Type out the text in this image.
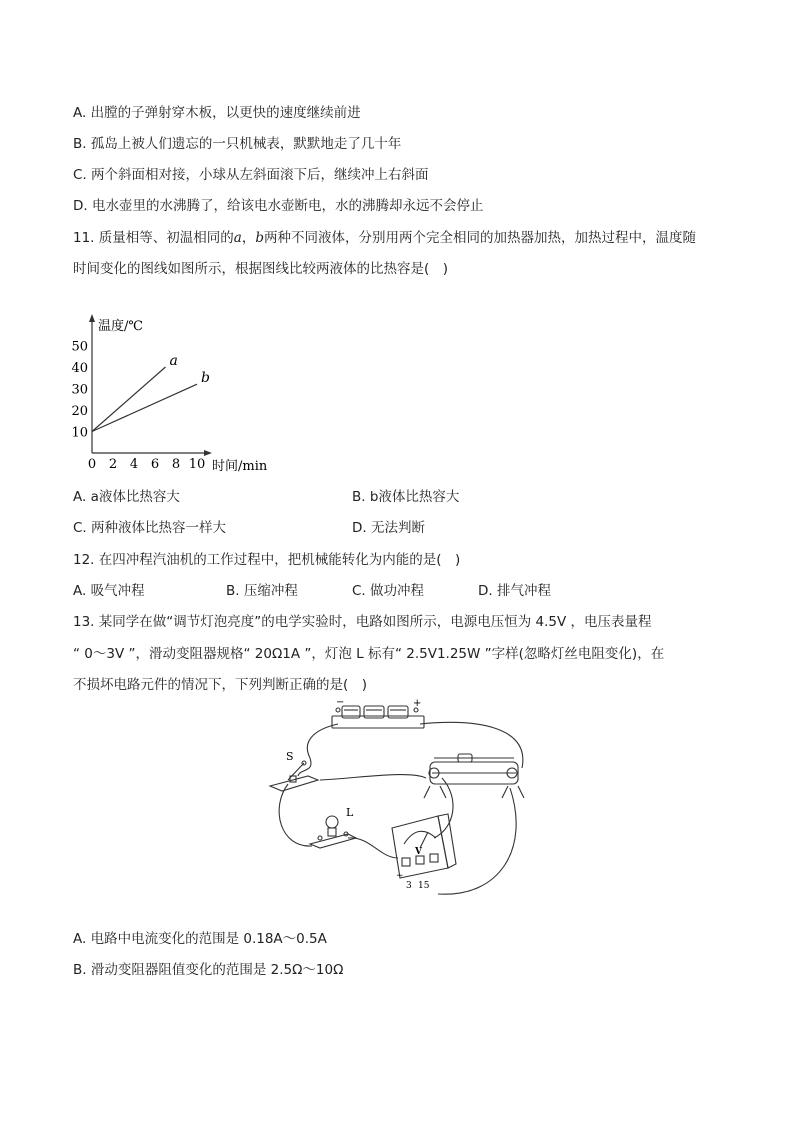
A. 出膛的子弹射穿木板，以更快的速度继续前进
B. 孤岛上被人们遗忘的一只机械表，默默地走了几十年
C. 两个斜面相对接，小球从左斜面滚下后，继续冲上右斜面
D. 电水壶里的水沸腾了，给该电水壶断电，水的沸腾却永远不会停止
11. 质量相等、初温相同的a，b两种不同液体，分别用两个完全相同的加热器加热，加热过程中，温度随
时间变化的图线如图所示，根据图线比较两液体的比热容是(　)
0 2 4 6 8 10
10
20
30
40
50
a
b
温度/℃
时间/min
A. a液体比热容大	B. b液体比热容大
C. 两种液体比热容一样大	D. 无法判断
12. 在四冲程汽油机的工作过程中，把机械能转化为内能的是(　)
A. 吸气冲程	B. 压缩冲程	C. 做功冲程	D. 排气冲程
13. 某同学在做“调节灯泡亮度”的电学实验时，电路如图所示，电源电压恒为 4.5V ，电压表量程
“ 0～3V ”，滑动变阻器规格“ 20Ω1A ”，灯泡 L 标有“ 2.5V1.25W ”字样(忽略灯丝电阻变化)，在
不损坏电路元件的情况下，下列判断正确的是(　)
−	+
S
L
V
−
3 15
A. 电路中电流变化的范围是 0.18A～0.5A
B. 滑动变阻器阻值变化的范围是 2.5Ω～10Ω
